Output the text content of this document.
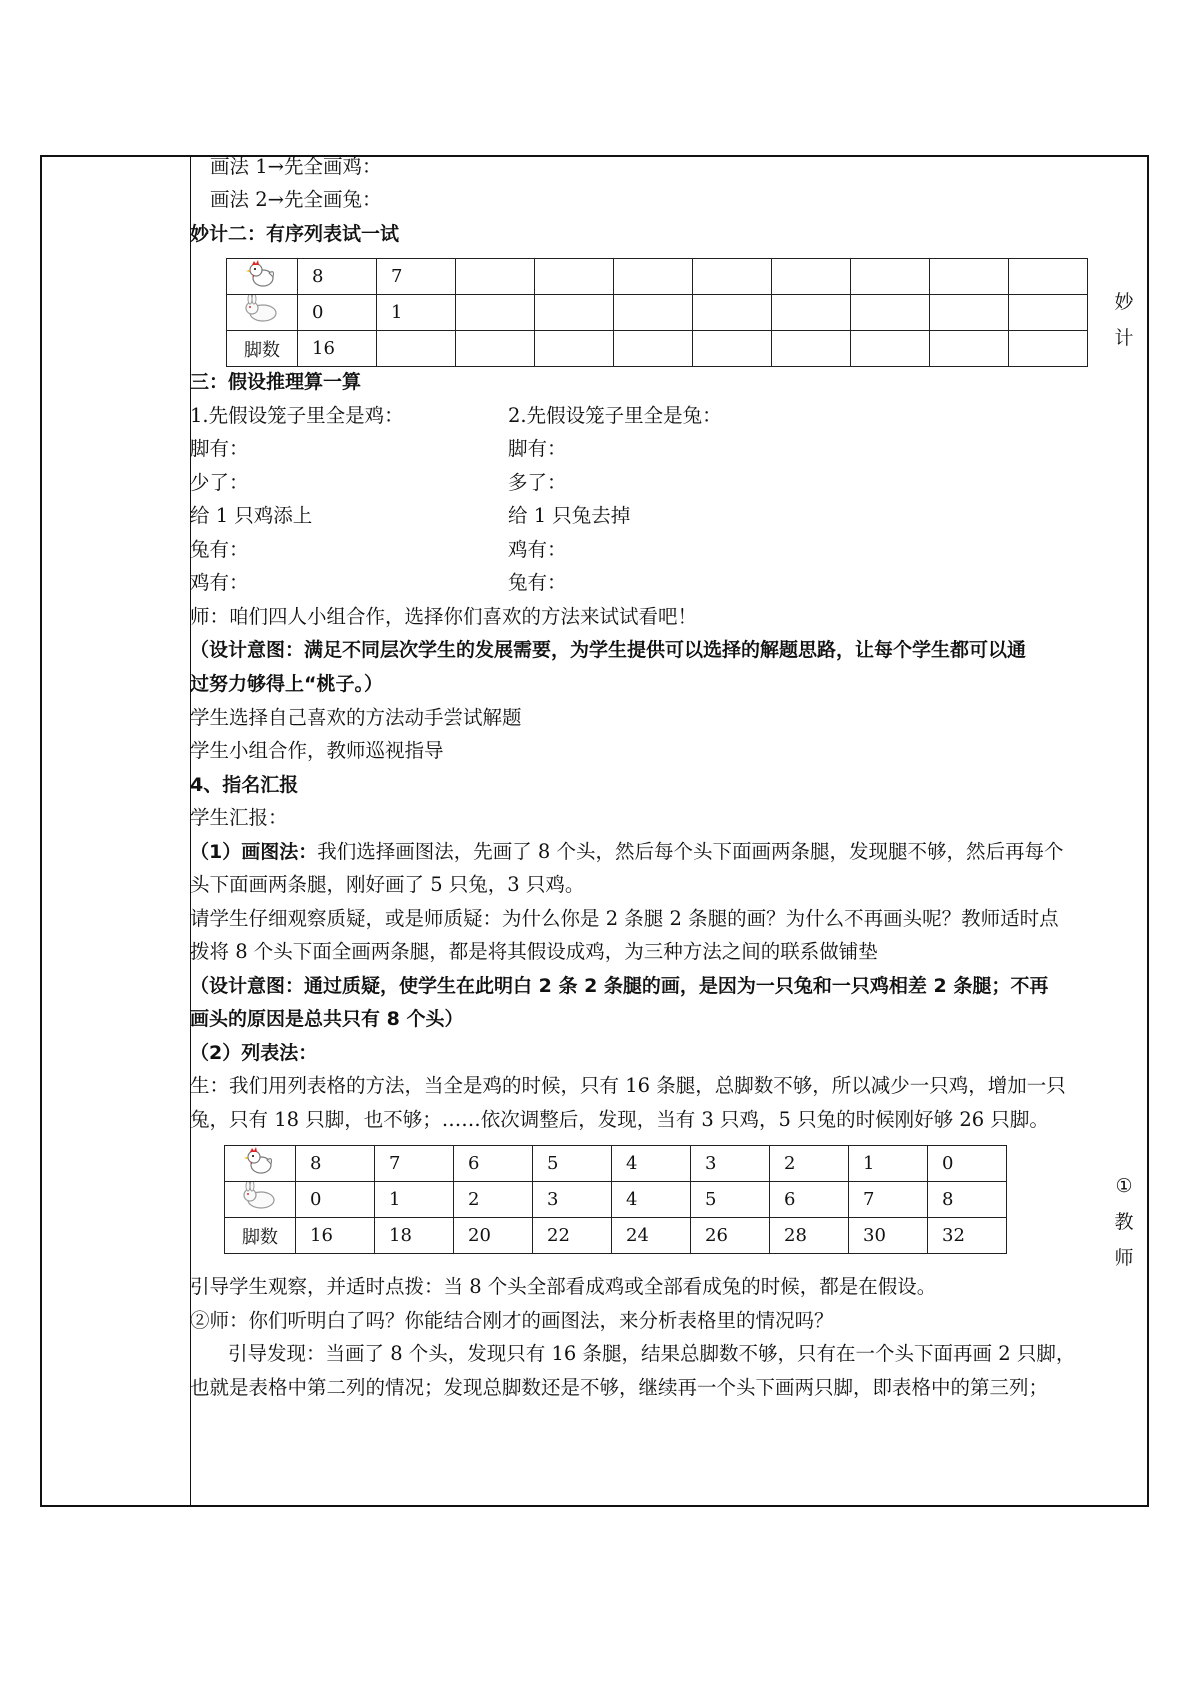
画法 1→先全画鸡：
画法 2→先全画兔：
妙计二：有序列表试一试
	8	7								
	0	1								
脚数	16									
妙
计
三：假设推理算一算
1.先假设笼子里全是鸡：	2.先假设笼子里全是兔：
脚有：	脚有：
少了：	多了：
给 1 只鸡添上	给 1 只兔去掉
兔有：	鸡有：
鸡有：	兔有：
师：咱们四人小组合作，选择你们喜欢的方法来试试看吧！
（设计意图：满足不同层次学生的发展需要，为学生提供可以选择的解题思路，让每个学生都可以通
过努力够得上“桃子。）
学生选择自己喜欢的方法动手尝试解题
学生小组合作，教师巡视指导
4、指名汇报
学生汇报：
（1）画图法：我们选择画图法，先画了 8 个头，然后每个头下面画两条腿，发现腿不够，然后再每个
头下面画两条腿，刚好画了 5 只兔，3 只鸡。
请学生仔细观察质疑，或是师质疑：为什么你是 2 条腿 2 条腿的画？为什么不再画头呢？教师适时点
拨将 8 个头下面全画两条腿，都是将其假设成鸡，为三种方法之间的联系做铺垫
（设计意图：通过质疑，使学生在此明白 2 条 2 条腿的画，是因为一只兔和一只鸡相差 2 条腿；不再
画头的原因是总共只有 8 个头）
（2）列表法：
生：我们用列表格的方法，当全是鸡的时候，只有 16 条腿，总脚数不够，所以减少一只鸡，增加一只
兔，只有 18 只脚，也不够；……依次调整后，发现，当有 3 只鸡，5 只兔的时候刚好够 26 只脚。
	8	7	6	5	4	3	2	1	0
	0	1	2	3	4	5	6	7	8
脚数	16	18	20	22	24	26	28	30	32
①
教
师
引导学生观察，并适时点拨：当 8 个头全部看成鸡或全部看成兔的时候，都是在假设。
②师：你们听明白了吗？你能结合刚才的画图法，来分析表格里的情况吗？
引导发现：当画了 8 个头，发现只有 16 条腿，结果总脚数不够，只有在一个头下面再画 2 只脚，
也就是表格中第二列的情况；发现总脚数还是不够，继续再一个头下画两只脚，即表格中的第三列；
